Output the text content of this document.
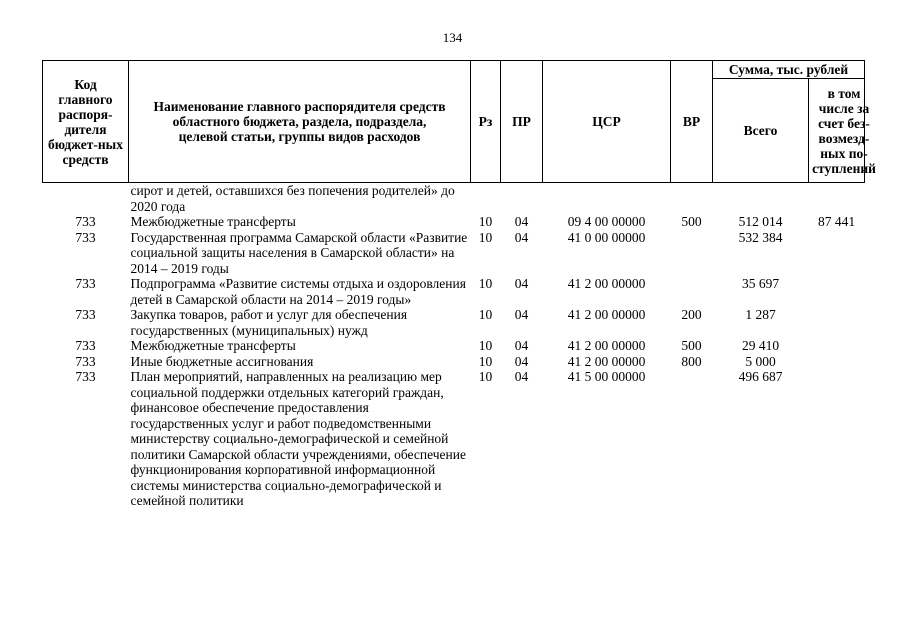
134
Код главного распоря-дителя бюджет-ных средств	Наименование главного распорядителя средств областного бюджета, раздела, подраздела, целевой статьи, группы видов расходов	Рз	ПР	ЦСР	ВР	Сумма, тыс. рублей	
						Всего	в том числе за счет без-возмезд-ных по-ступлений

	сирот и детей, оставшихся без попечения родителей» до 2020 года						
733	Межбюджетные трансферты	10	04	09 4 00 00000	500	512 014	87 441
733	Государственная программа Самарской области «Развитие социальной защиты населения в Самарской области» на 2014 – 2019 годы	10	04	41 0 00 00000		532 384	
733	Подпрограмма «Развитие системы отдыха и оздоровления детей в Самарской области на 2014 – 2019 годы»	10	04	41 2 00 00000		35 697	
733	Закупка товаров, работ и услуг для обеспечения государственных (муниципальных) нужд	10	04	41 2 00 00000	200	1 287	
733	Межбюджетные трансферты	10	04	41 2 00 00000	500	29 410	
733	Иные бюджетные ассигнования	10	04	41 2 00 00000	800	5 000	
733	План мероприятий, направленных на реализацию мер социальной поддержки отдельных категорий граждан, финансовое обеспечение предоставления государственных услуг и работ подведомственными министерству социально-демографической и семейной политики Самарской области учреждениями, обеспечение функционирования корпоративной информационной системы министерства социально-демографической и семейной политики	10	04	41 5 00 00000		496 687	
